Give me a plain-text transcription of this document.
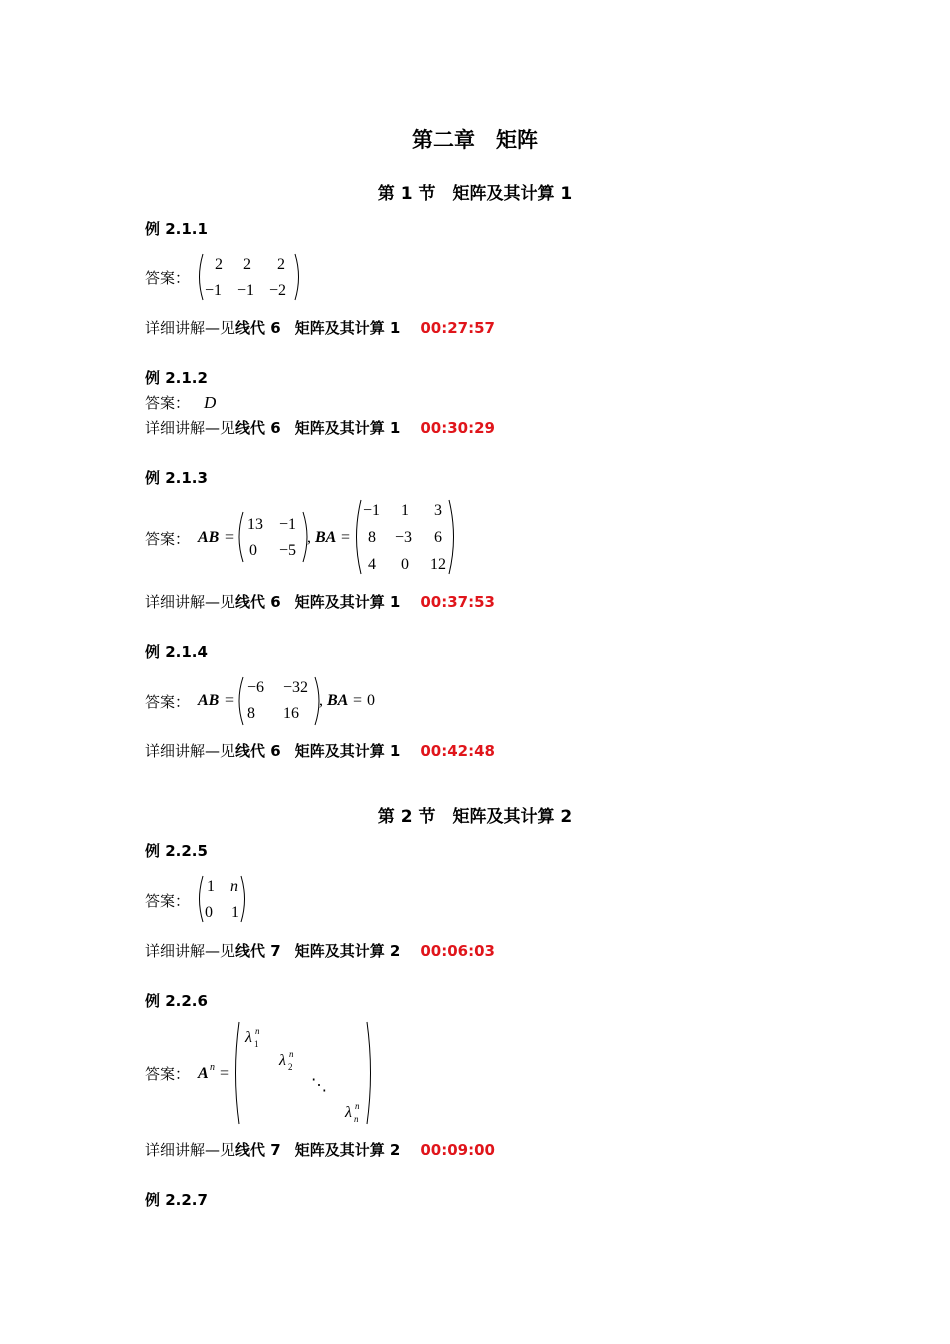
第二章　矩阵
第 1 节　矩阵及其计算 1
例 2.1.1
答案：
2 2 2
−1 −1 −2
详细讲解—见线代 6 矩阵及其计算 1 00:27:57
例 2.1.2
答案： D
详细讲解—见线代 6 矩阵及其计算 1 00:30:29
例 2.1.3
答案： AB =
13 −1
0 −5
, BA =
−1 1 3
8 −3 6
4 0 12
详细讲解—见线代 6 矩阵及其计算 1 00:37:53
例 2.1.4
答案： AB =
−6 −32
8 16
, BA = 0
详细讲解—见线代 6 矩阵及其计算 1 00:42:48
第 2 节　矩阵及其计算 2
例 2.2.5
答案：
1 n
0 1
详细讲解—见线代 7 矩阵及其计算 2 00:06:03
例 2.2.6
答案： A n =
λ 1
n
λ 2
n
⋱
λ n
n
详细讲解—见线代 7 矩阵及其计算 2 00:09:00
例 2.2.7
